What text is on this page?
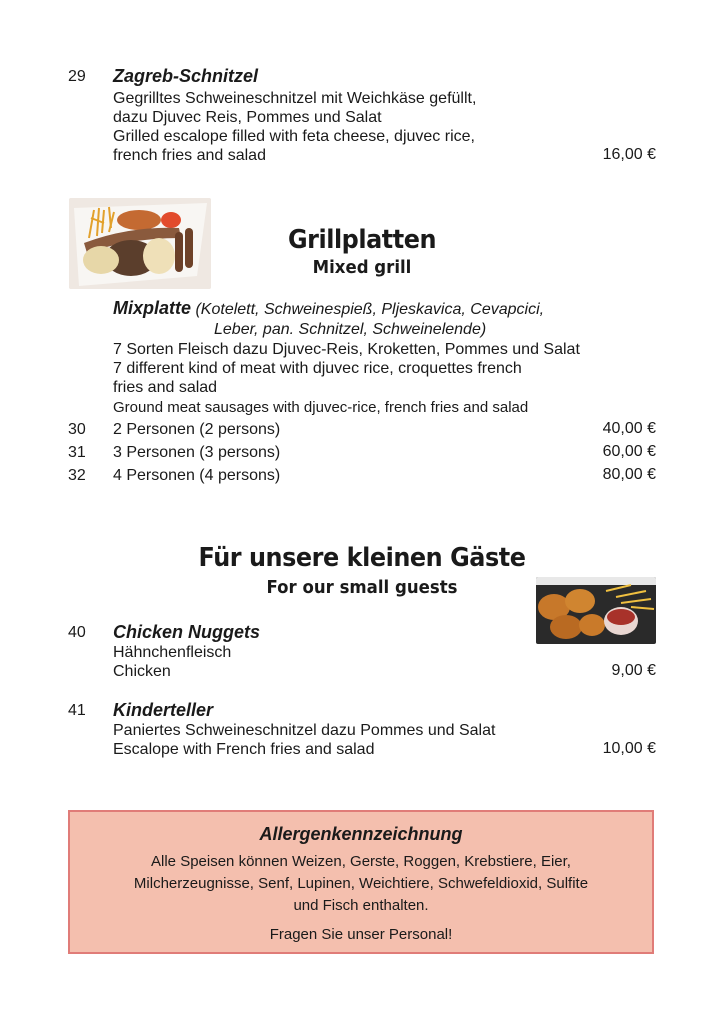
29 Zagreb-Schnitzel
Gegrilltes Schweineschnitzel mit Weichkäse gefüllt,
dazu Djuvec Reis, Pommes und Salat
Grilled escalope filled with feta cheese, djuvec rice,
french fries and salad	16,00 €
Grillplatten
Mixed grill
Mixplatte (Kotelett, Schweinespieß, Pljeskavica, Cevapcici,
Leber, pan. Schnitzel, Schweinelende)
7 Sorten Fleisch dazu Djuvec-Reis, Kroketten, Pommes und Salat
7 different kind of meat with djuvec rice, croquettes french
fries and salad
Ground meat sausages with djuvec-rice, french fries and salad
30 2 Personen (2 persons)	40,00 €
31 3 Personen (3 persons)	60,00 €
32 4 Personen (4 persons)	80,00 €
Für unsere kleinen Gäste
For our small guests
40 Chicken Nuggets
Hähnchenfleisch
Chicken	9,00 €
41 Kinderteller
Paniertes Schweineschnitzel dazu Pommes und Salat
Escalope with French fries and salad	10,00 €
Allergenkennzeichnung

Alle Speisen können Weizen, Gerste, Roggen, Krebstiere, Eier,

Milcherzeugnisse, Senf, Lupinen, Weichtiere, Schwefeldioxid, Sulfite

und Fisch enthalten.

Fragen Sie unser Personal!
